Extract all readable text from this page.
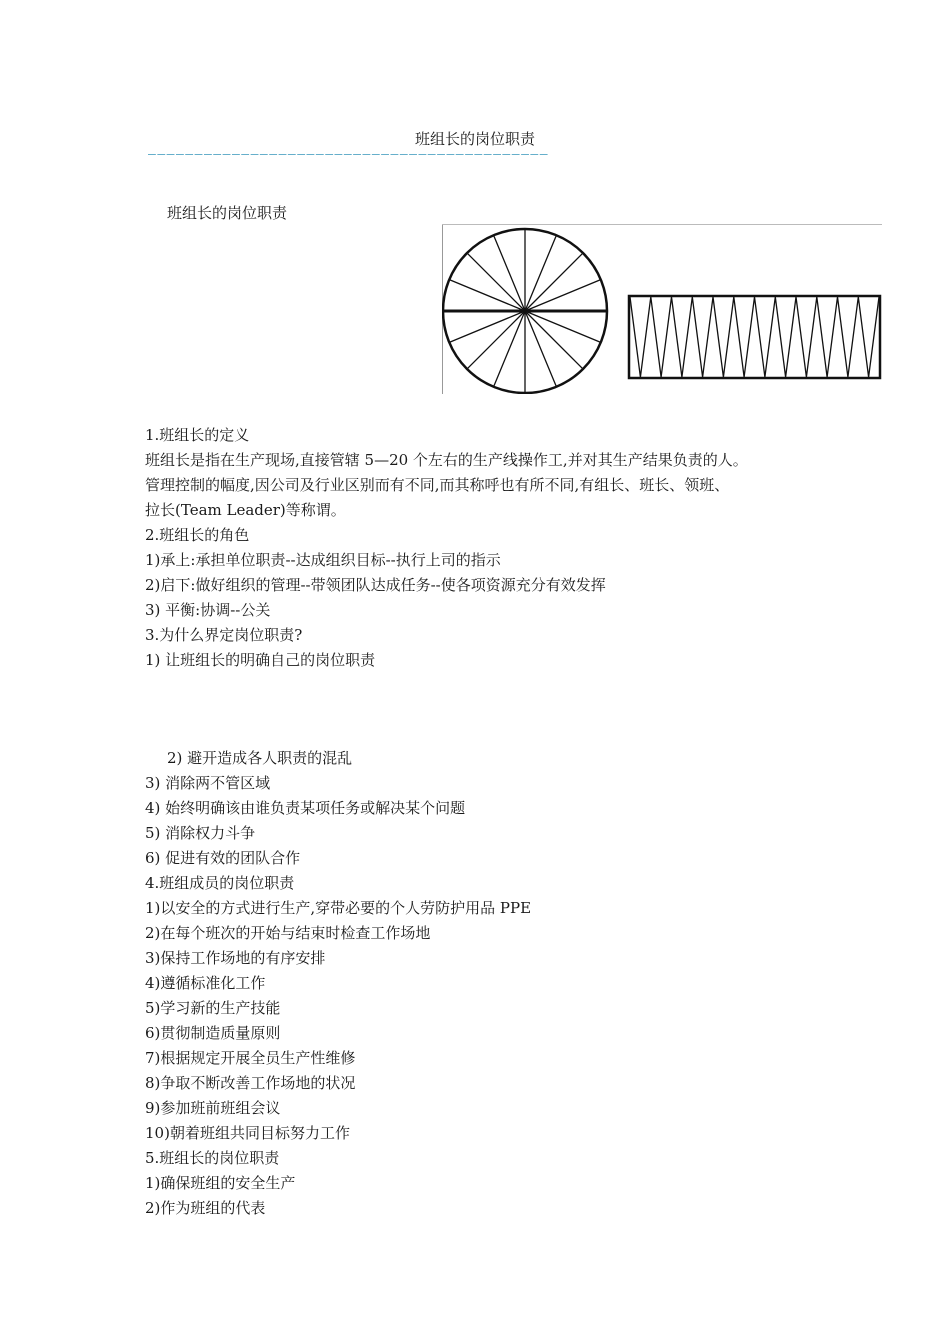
班组长的岗位职责
———————————————————————————————————————————
班组长的岗位职责
1.班组长的定义
班组长是指在生产现场,直接管辖 5—20 个左右的生产线操作工,并对其生产结果负责的人。
管理控制的幅度,因公司及行业区别而有不同,而其称呼也有所不同,有组长、班长、领班、
拉长(Team Leader)等称谓。
2.班组长的角色
1)承上:承担单位职责--达成组织目标--执行上司的指示
2)启下:做好组织的管理--带领团队达成任务--使各项资源充分有效发挥
3) 平衡:协调--公关
3.为什么界定岗位职责?
1) 让班组长的明确自己的岗位职责
2) 避开造成各人职责的混乱
3) 消除两不管区域
4) 始终明确该由谁负责某项任务或解决某个问题
5) 消除权力斗争
6) 促进有效的团队合作
4.班组成员的岗位职责
1)以安全的方式进行生产,穿带必要的个人劳防护用品 PPE
2)在每个班次的开始与结束时检查工作场地
3)保持工作场地的有序安排
4)遵循标准化工作
5)学习新的生产技能
6)贯彻制造质量原则
7)根据规定开展全员生产性维修
8)争取不断改善工作场地的状况
9)参加班前班组会议
10)朝着班组共同目标努力工作
5.班组长的岗位职责
1)确保班组的安全生产
2)作为班组的代表
